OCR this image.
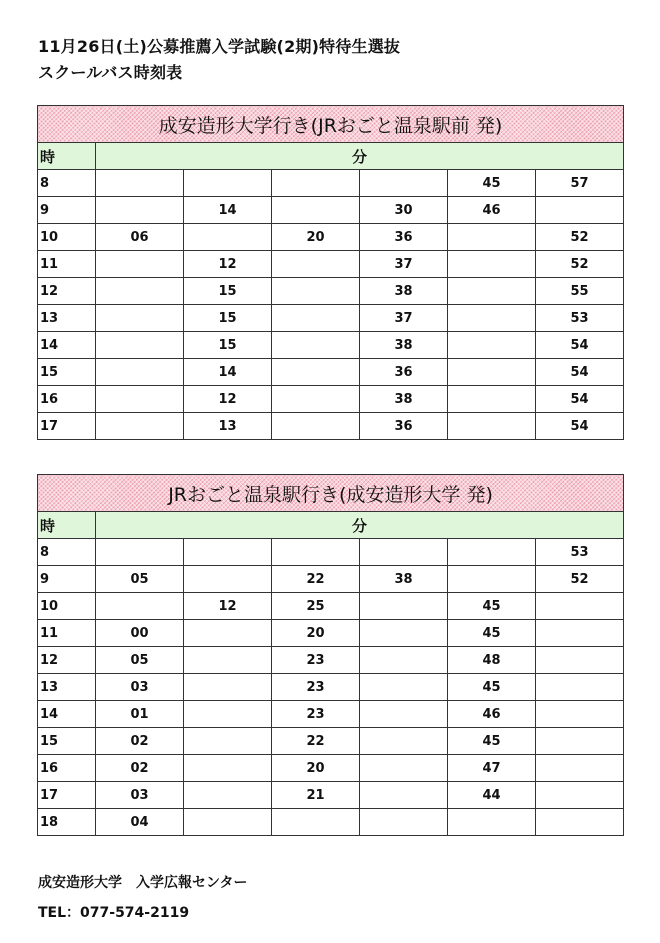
11月26日(土)公募推薦入学試験(2期)特待生選抜
スクールバス時刻表
成安造形大学行き(JRおごと温泉駅前 発)						
時	分					
8					45	57
9		14		30	46	
10	06		20	36		52
11		12		37		52
12		15		38		55
13		15		37		53
14		15		38		54
15		14		36		54
16		12		38		54
17		13		36		54
JRおごと温泉駅行き(成安造形大学 発)						
時	分					
8						53
9	05		22	38		52
10		12	25		45	
11	00		20		45	
12	05		23		48	
13	03		23		45	
14	01		23		46	
15	02		22		45	
16	02		20		47	
17	03		21		44	
18	04					
成安造形大学　入学広報センター
TEL：077-574-2119
